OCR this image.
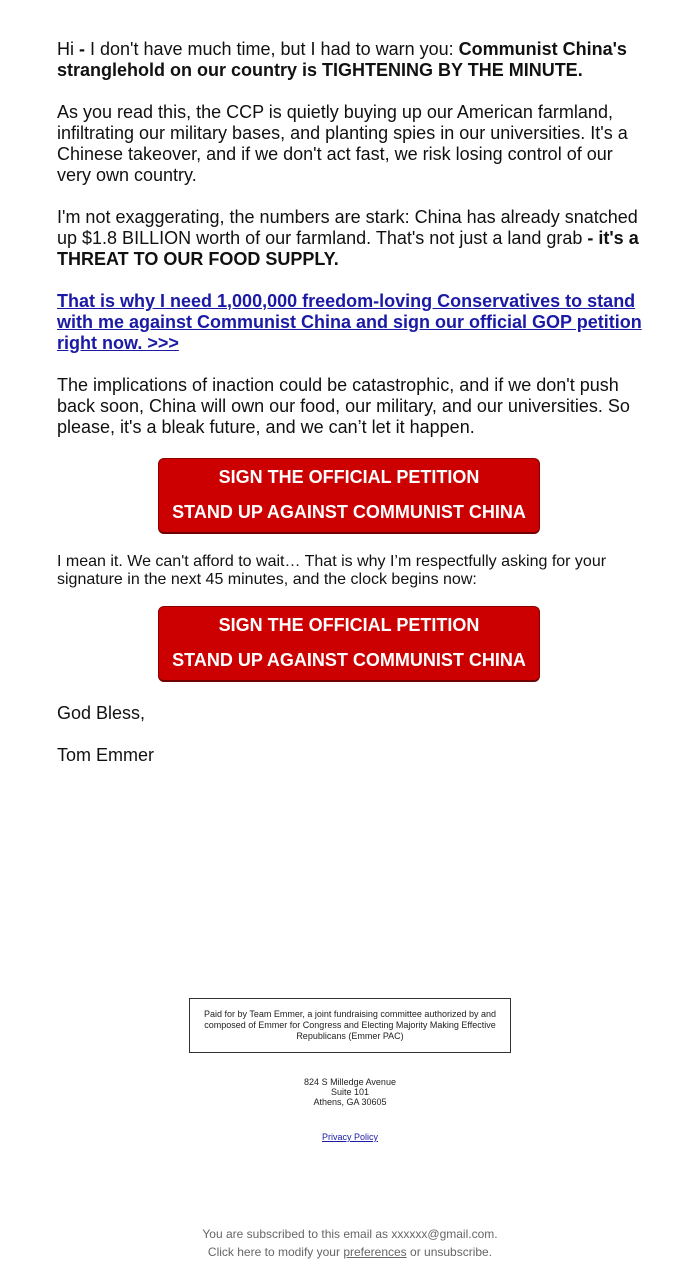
Hi - I don't have much time, but I had to warn you: Communist China's stranglehold on our country is TIGHTENING BY THE MINUTE.

As you read this, the CCP is quietly buying up our American farmland, infiltrating our military bases, and planting spies in our universities. It's a Chinese takeover, and if we don't act fast, we risk losing control of our very own country.

I'm not exaggerating, the numbers are stark: China has already snatched up $1.8 BILLION worth of our farmland. That's not just a land grab - it's a THREAT TO OUR FOOD SUPPLY.

That is why I need 1,000,000 freedom-loving Conservatives to stand with me against Communist China and sign our official GOP petition right now. >>>

The implications of inaction could be catastrophic, and if we don't push back soon, China will own our food, our military, and our universities. So please, it's a bleak future, and we can’t let it happen.

SIGN THE OFFICIAL PETITION
STAND UP AGAINST COMMUNIST CHINA

I mean it. We can't afford to wait… That is why I’m respectfully asking for your signature in the next 45 minutes, and the clock begins now:

SIGN THE OFFICIAL PETITION
STAND UP AGAINST COMMUNIST CHINA

God Bless,

Tom Emmer

Paid for by Team Emmer, a joint fundraising committee authorized by and composed of Emmer for Congress and Electing Majority Making Effective Republicans (Emmer PAC)
824 S Milledge Avenue
Suite 101
Athens, GA 30605
Privacy Policy
You are subscribed to this email as xxxxxx@gmail.com.
Click here to modify your preferences or unsubscribe.
